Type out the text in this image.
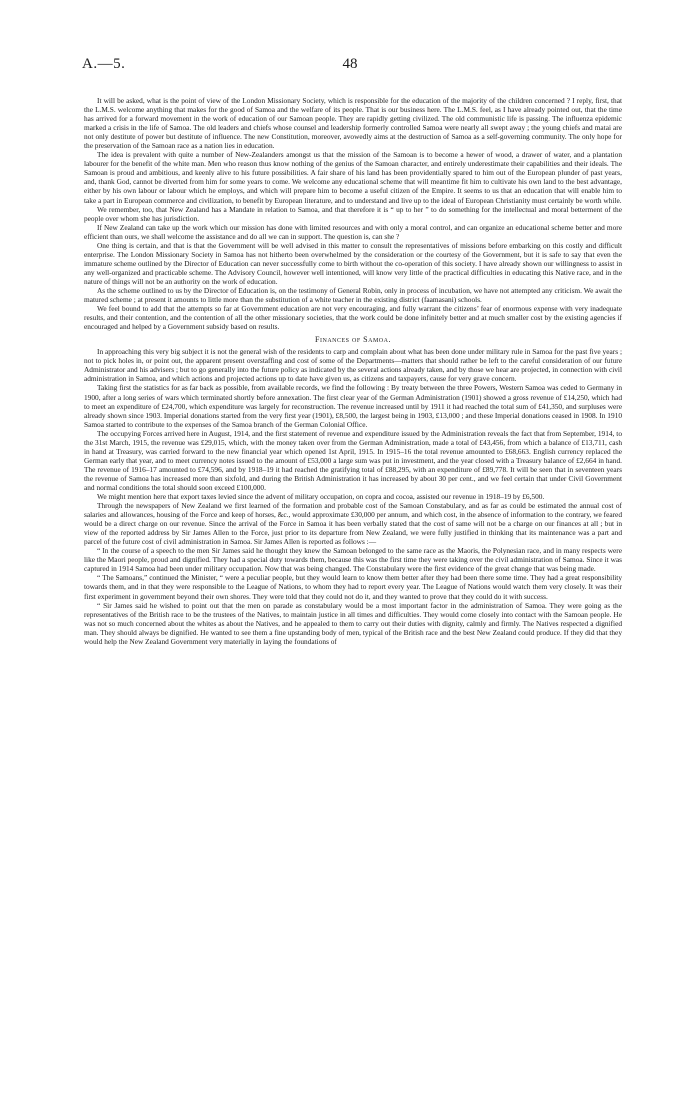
A.—5.	48

It will be asked, what is the point of view of the London Missionary Society, which is responsible for the education of the majority of the children concerned ? I reply, first, that the L.M.S. welcome anything that makes for the good of Samoa and the welfare of its people. That is our business here. The L.M.S. feel, as I have already pointed out, that the time has arrived for a forward movement in the work of education of our Samoan people. They are rapidly getting civilized. The old communistic life is passing. The influenza epidemic marked a crisis in the life of Samoa. The old leaders and chiefs whose counsel and leadership formerly controlled Samoa were nearly all swept away ; the young chiefs and matai are not only destitute of power but destitute of influence. The new Constitution, moreover, avowedly aims at the destruction of Samoa as a self-governing community. The only hope for the preservation of the Samoan race as a nation lies in education.

The idea is prevalent with quite a number of New-Zealanders amongst us that the mission of the Samoan is to become a hewer of wood, a drawer of water, and a plantation labourer for the benefit of the white man. Men who reason thus know nothing of the genius of the Samoan character, and entirely underestimate their capabilities and their ideals. The Samoan is proud and ambitious, and keenly alive to his future possibilities. A fair share of his land has been providentially spared to him out of the European plunder of past years, and, thank God, cannot be diverted from him for some years to come. We welcome any educational scheme that will meantime fit him to cultivate his own land to the best advantage, either by his own labour or labour which he employs, and which will prepare him to become a useful citizen of the Empire. It seems to us that an education that will enable him to take a part in European commerce and civilization, to benefit by European literature, and to understand and live up to the ideal of European Christianity must certainly be worth while.

We remember, too, that New Zealand has a Mandate in relation to Samoa, and that therefore it is “ up to her ” to do something for the intellectual and moral betterment of the people over whom she has jurisdiction.

If New Zealand can take up the work which our mission has done with limited resources and with only a moral control, and can organize an educational scheme better and more efficient than ours, we shall welcome the assistance and do all we can in support. The question is, can she ?

One thing is certain, and that is that the Government will be well advised in this matter to consult the representatives of missions before embarking on this costly and difficult enterprise. The London Missionary Society in Samoa has not hitherto been overwhelmed by the consideration or the courtesy of the Government, but it is safe to say that even the immature scheme outlined by the Director of Education can never successfully come to birth without the co-operation of this society. I have already shown our willingness to assist in any well-organized and practicable scheme. The Advisory Council, however well intentioned, will know very little of the practical difficulties in educating this Native race, and in the nature of things will not be an authority on the work of education.

As the scheme outlined to us by the Director of Education is, on the testimony of General Robin, only in process of incubation, we have not attempted any criticism. We await the matured scheme ; at present it amounts to little more than the substitution of a white teacher in the existing district (faamasani) schools.

We feel bound to add that the attempts so far at Government education are not very encouraging, and fully warrant the citizens’ fear of enormous expense with very inadequate results, and their contention, and the contention of all the other missionary societies, that the work could be done infinitely better and at much smaller cost by the existing agencies if encouraged and helped by a Government subsidy based on results.

Finances of Samoa.

In approaching this very big subject it is not the general wish of the residents to carp and complain about what has been done under military rule in Samoa for the past five years ; not to pick holes in, or point out, the apparent present overstaffing and cost of some of the Departments—matters that should rather be left to the careful consideration of our future Administrator and his advisers ; but to go generally into the future policy as indicated by the several actions already taken, and by those we hear are projected, in connection with civil administration in Samoa, and which actions and projected actions up to date have given us, as citizens and taxpayers, cause for very grave concern.

Taking first the statistics for as far back as possible, from available records, we find the following : By treaty between the three Powers, Western Samoa was ceded to Germany in 1900, after a long series of wars which terminated shortly before annexation. The first clear year of the German Administration (1901) showed a gross revenue of £14,250, which had to meet an expenditure of £24,700, which expenditure was largely for reconstruction. The revenue increased until by 1911 it had reached the total sum of £41,350, and surpluses were already shown since 1903. Imperial donations started from the very first year (1901), £8,500, the largest being in 1903, £13,000 ; and these Imperial donations ceased in 1908. In 1910 Samoa started to contribute to the expenses of the Samoa branch of the German Colonial Office.

The occupying Forces arrived here in August, 1914, and the first statement of revenue and expenditure issued by the Administration reveals the fact that from September, 1914, to the 31st March, 1915, the revenue was £29,015, which, with the money taken over from the German Administration, made a total of £43,456, from which a balance of £13,711, cash in hand at Treasury, was carried forward to the new financial year which opened 1st April, 1915. In 1915–16 the total revenue amounted to £68,663. English currency replaced the German early that year, and to meet currency notes issued to the amount of £53,000 a large sum was put in investment, and the year closed with a Treasury balance of £2,664 in hand. The revenue of 1916–17 amounted to £74,596, and by 1918–19 it had reached the gratifying total of £88,295, with an expenditure of £89,778. It will be seen that in seventeen years the revenue of Samoa has increased more than sixfold, and during the British Administration it has increased by about 30 per cent., and we feel certain that under Civil Government and normal conditions the total should soon exceed £100,000.

We might mention here that export taxes levied since the advent of military occupation, on copra and cocoa, assisted our revenue in 1918–19 by £6,500.

Through the newspapers of New Zealand we first learned of the formation and probable cost of the Samoan Constabulary, and as far as could be estimated the annual cost of salaries and allowances, housing of the Force and keep of horses, &c., would approximate £30,000 per annum, and which cost, in the absence of information to the contrary, we feared would be a direct charge on our revenue. Since the arrival of the Force in Samoa it has been verbally stated that the cost of same will not be a charge on our finances at all ; but in view of the reported address by Sir James Allen to the Force, just prior to its departure from New Zealand, we were fully justified in thinking that its maintenance was a part and parcel of the future cost of civil administration in Samoa. Sir James Allen is reported as follows :—

“ In the course of a speech to the men Sir James said he thought they knew the Samoan belonged to the same race as the Maoris, the Polynesian race, and in many respects were like the Maori people, proud and dignified. They had a special duty towards them, because this was the first time they were taking over the civil administration of Samoa. Since it was captured in 1914 Samoa had been under military occupation. Now that was being changed. The Constabulary were the first evidence of the great change that was being made.

“ The Samoans,” continued the Minister, “ were a peculiar people, but they would learn to know them better after they had been there some time. They had a great responsibility towards them, and in that they were responsible to the League of Nations, to whom they had to report every year. The League of Nations would watch them very closely. It was their first experiment in government beyond their own shores. They were told that they could not do it, and they wanted to prove that they could do it with success.

“ Sir James said he wished to point out that the men on parade as constabulary would be a most important factor in the administration of Samoa. They were going as the representatives of the British race to be the trustees of the Natives, to maintain justice in all times and difficulties. They would come closely into contact with the Samoan people. He was not so much concerned about the whites as about the Natives, and he appealed to them to carry out their duties with dignity, calmly and firmly. The Natives respected a dignified man. They should always be dignified. He wanted to see them a fine upstanding body of men, typical of the British race and the best New Zealand could produce. If they did that they would help the New Zealand Government very materially in laying the foundations of
